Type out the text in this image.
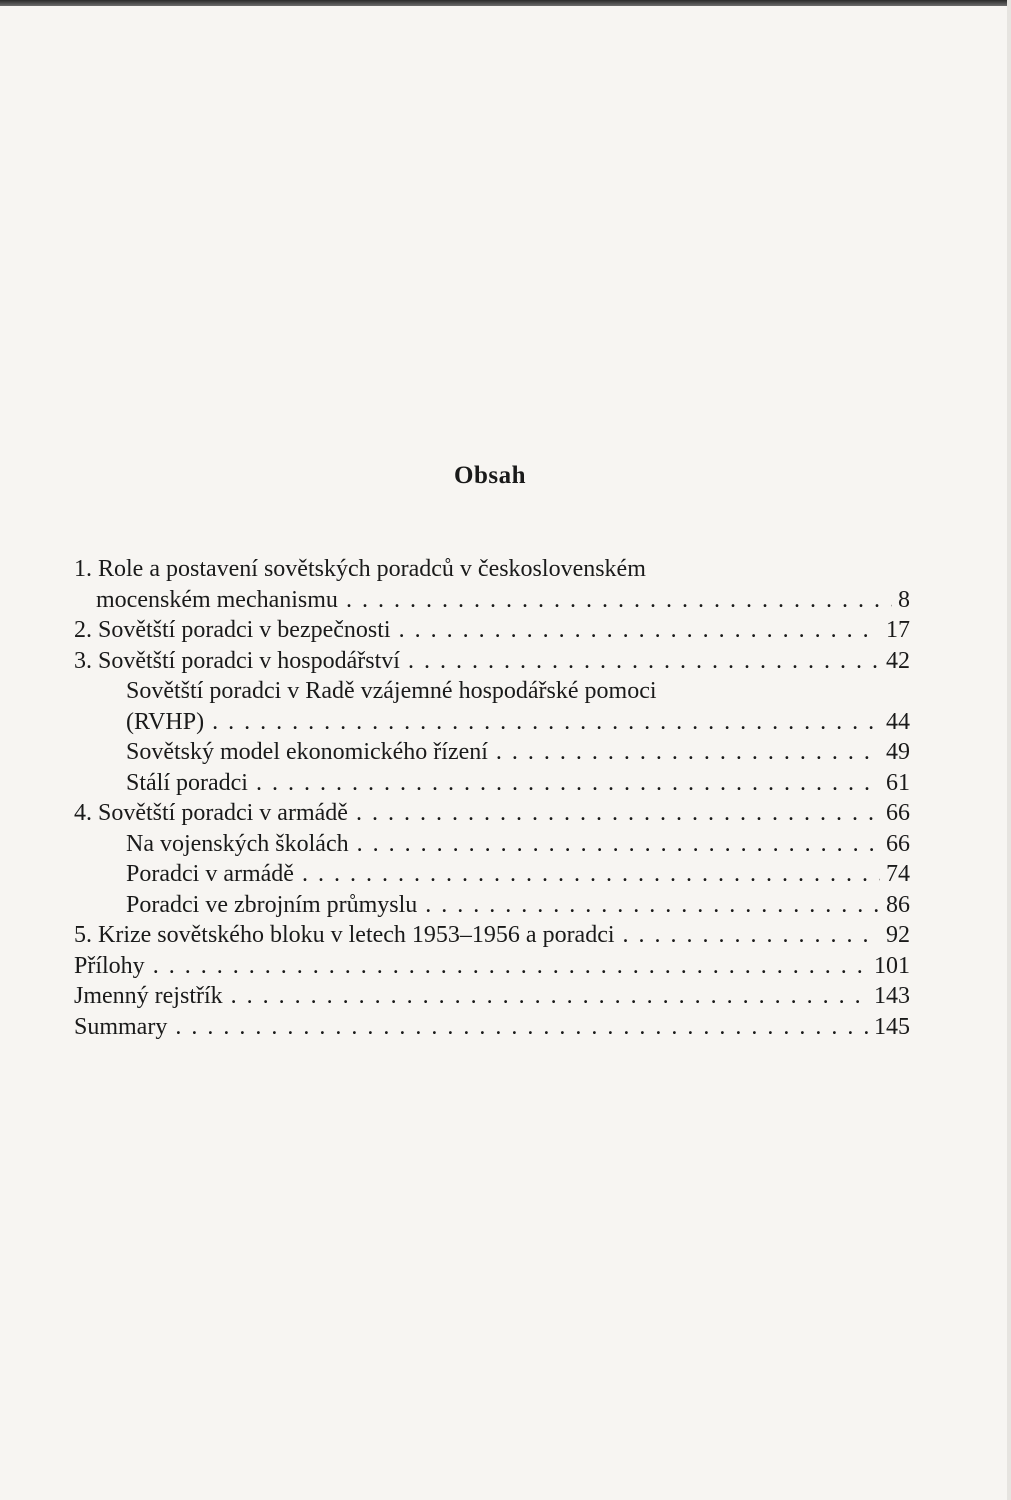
Obsah
1. Role a postavení sovětských poradců v československém
mocenském mechanismu . . .	8
2. Sovětští poradci v bezpečnosti . . .	17
3. Sovětští poradci v hospodářství . . .	42
Sovětští poradci v Radě vzájemné hospodářské pomoci
(RVHP) . . .	44
Sovětský model ekonomického řízení . . .	49
Stálí poradci . . .	61
4. Sovětští poradci v armádě . . .	66
Na vojenských školách . . .	66
Poradci v armádě . . .	74
Poradci ve zbrojním průmyslu . . .	86
5. Krize sovětského bloku v letech 1953–1956 a poradci . . .	92
Přílohy . . .	101
Jmenný rejstřík . . .	143
Summary . . .	145
